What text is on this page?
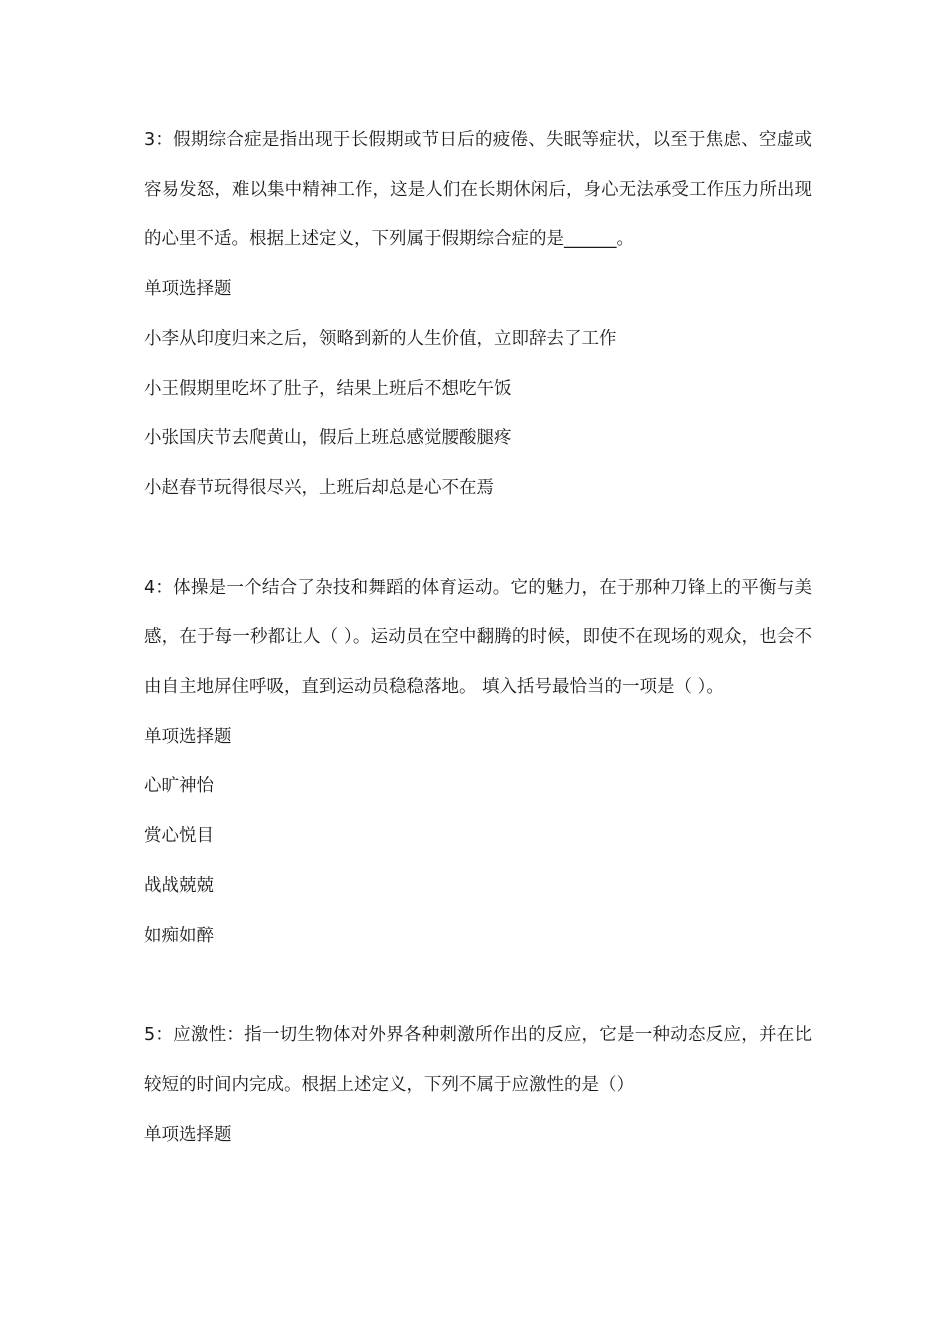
3：假期综合症是指出现于长假期或节日后的疲倦、失眠等症状，以至于焦虑、空虚或容易发怒，难以集中精神工作，这是人们在长期休闲后，身心无法承受工作压力所出现的心里不适。根据上述定义，下列属于假期综合症的是______。
单项选择题
小李从印度归来之后，领略到新的人生价值，立即辞去了工作
小王假期里吃坏了肚子，结果上班后不想吃午饭
小张国庆节去爬黄山，假后上班总感觉腰酸腿疼
小赵春节玩得很尽兴，上班后却总是心不在焉
4：体操是一个结合了杂技和舞蹈的体育运动。它的魅力，在于那种刀锋上的平衡与美感，在于每一秒都让人（ ）。运动员在空中翻腾的时候，即使不在现场的观众，也会不由自主地屏住呼吸，直到运动员稳稳落地。 填入括号最恰当的一项是（ ）。
单项选择题
心旷神怡
赏心悦目
战战兢兢
如痴如醉
5：应激性：指一切生物体对外界各种刺激所作出的反应，它是一种动态反应，并在比较短的时间内完成。根据上述定义，下列不属于应激性的是（）
单项选择题
